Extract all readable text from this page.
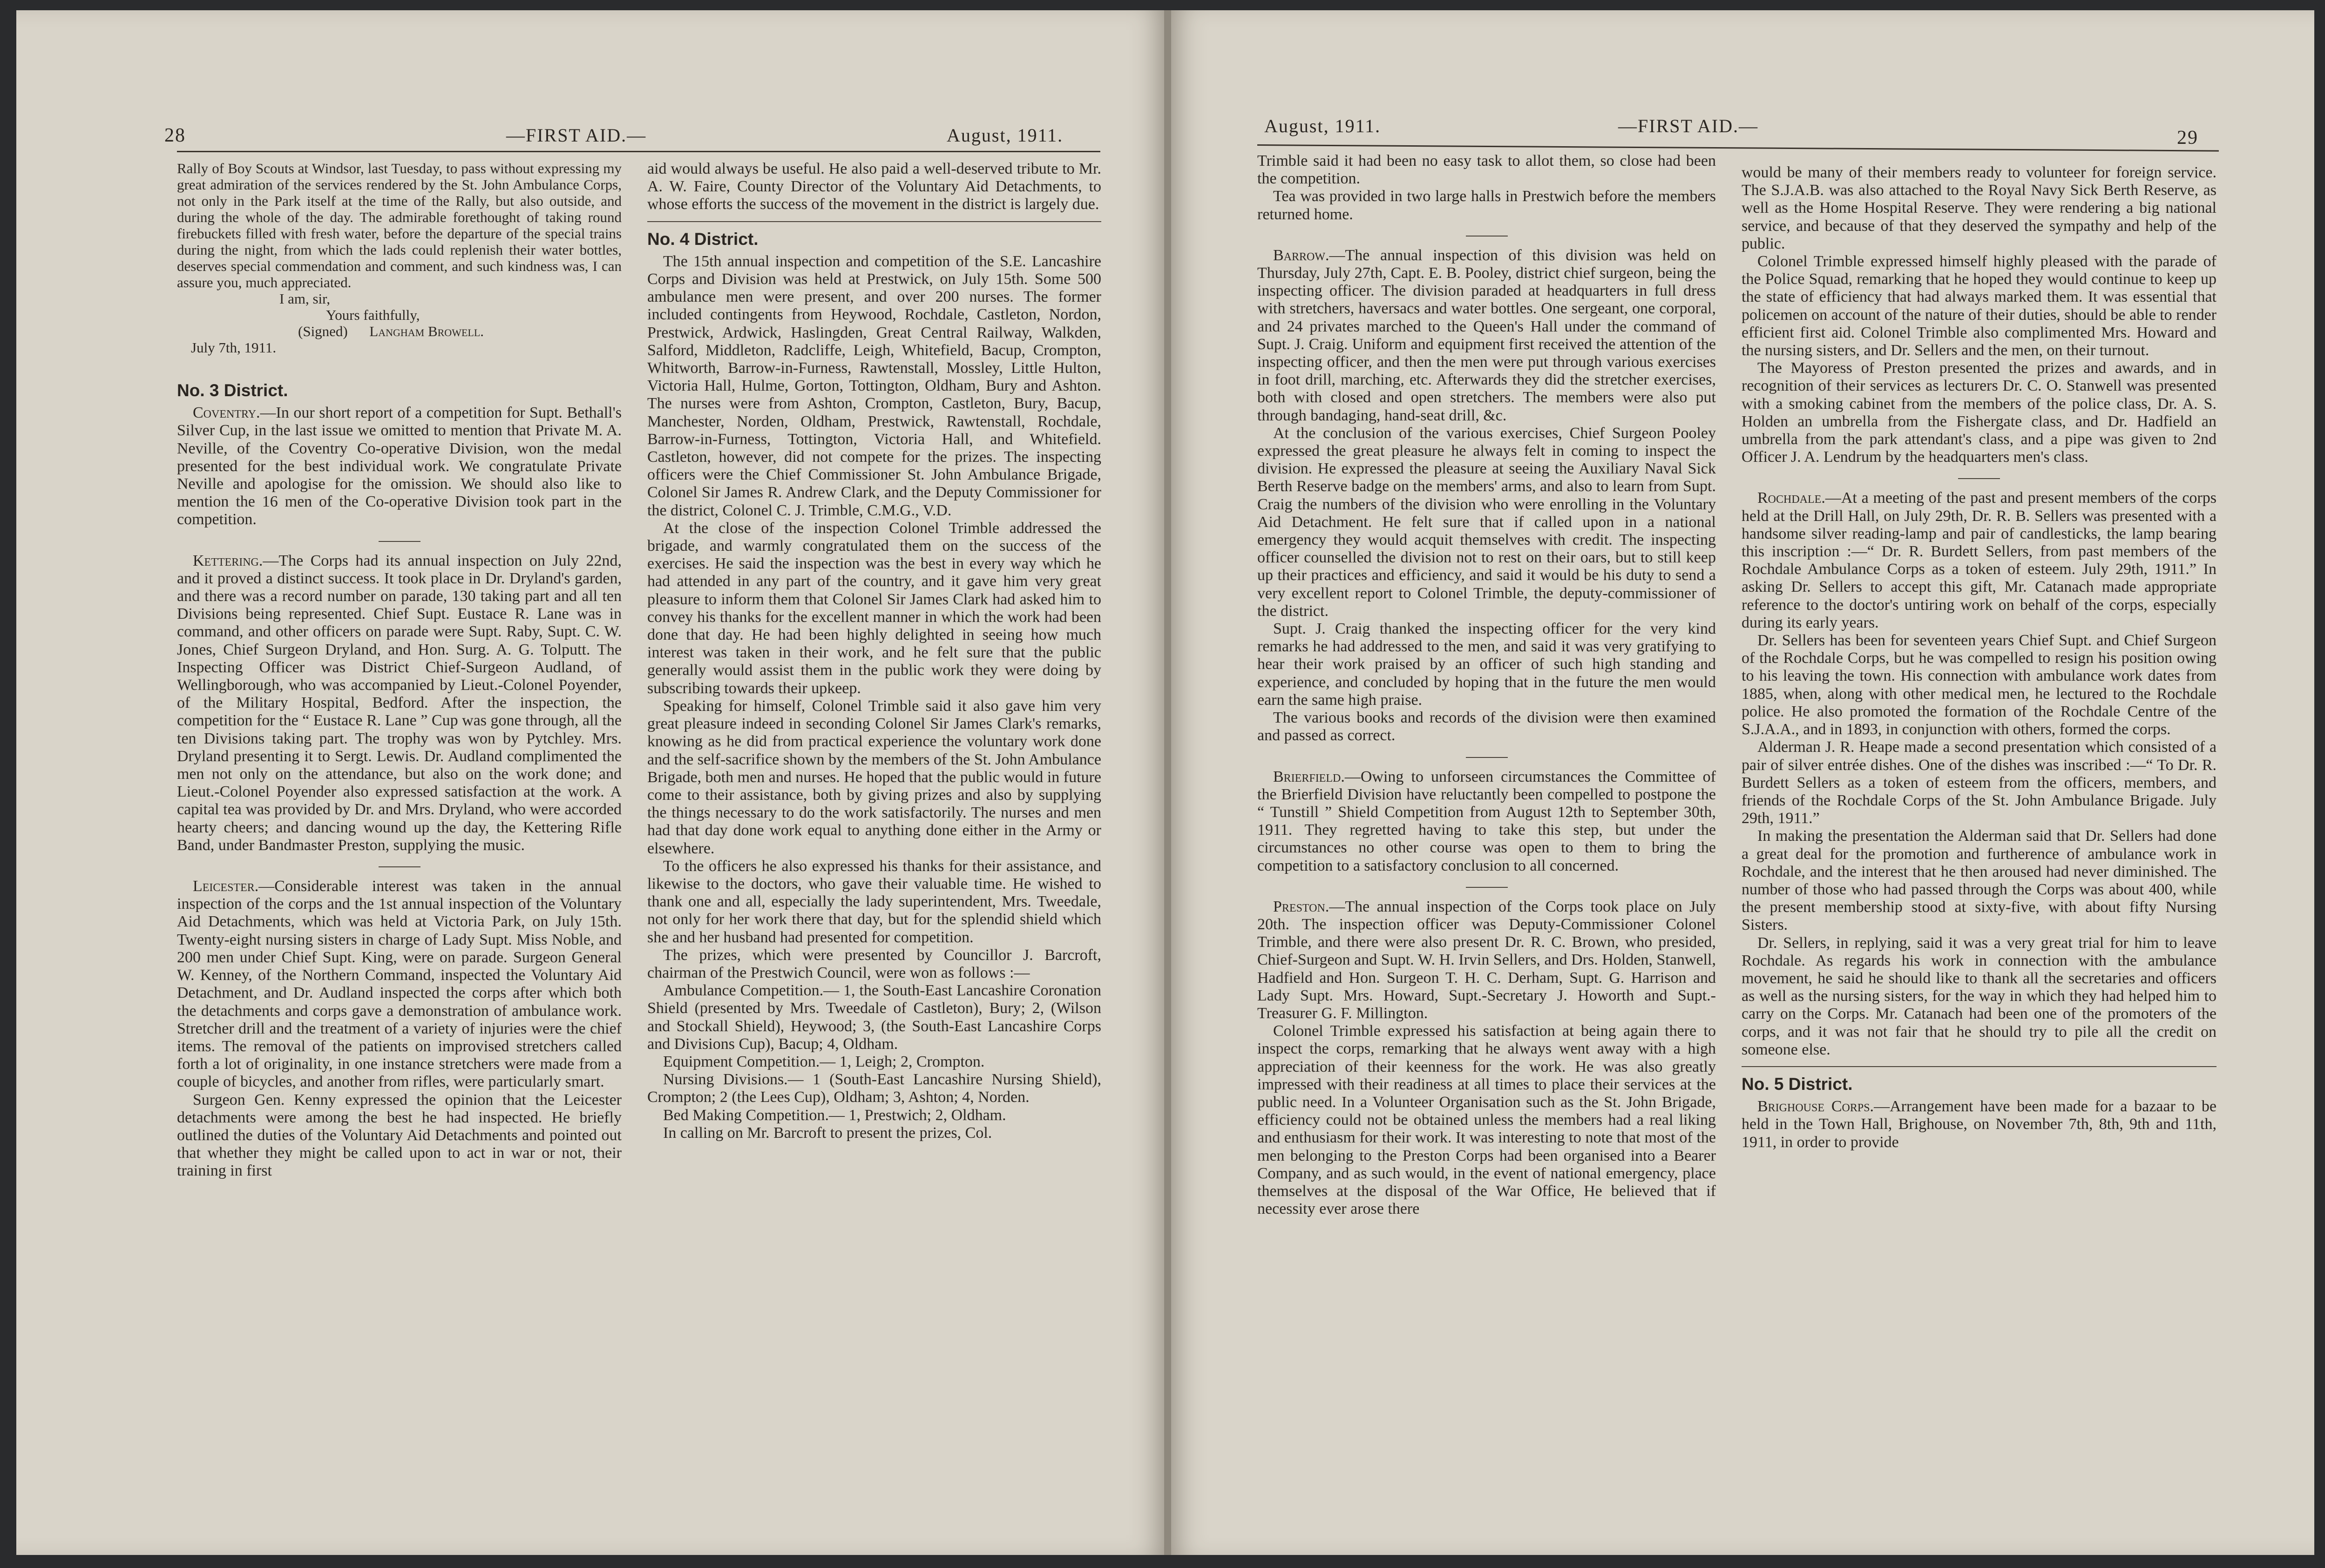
28	—FIRST AID.—	August, 1911.

Rally of Boy Scouts at Windsor, last Tuesday, to pass without expressing my great admiration of the services rendered by the St. John Ambulance Corps, not only in the Park itself at the time of the Rally, but also outside, and during the whole of the day. The admirable forethought of taking round firebuckets filled with fresh water, before the departure of the special trains during the night, from which the lads could replenish their water bottles, deserves special commendation and comment, and such kindness was, I can assure you, much appreciated.

I am, sir,

Yours faithfully,

(Signed) Langham Browell.

July 7th, 1911.

No. 3 District.

Coventry.—In our short report of a competition for Supt. Bethall's Silver Cup, in the last issue we omitted to mention that Private M. A. Neville, of the Coventry Co-operative Division, won the medal presented for the best individual work. We congratulate Private Neville and apologise for the omission. We should also like to mention the 16 men of the Co-operative Division took part in the competition.

Kettering.—The Corps had its annual inspection on July 22nd, and it proved a distinct success. It took place in Dr. Dryland's garden, and there was a record number on parade, 130 taking part and all ten Divisions being represented. Chief Supt. Eustace R. Lane was in command, and other officers on parade were Supt. Raby, Supt. C. W. Jones, Chief Surgeon Dryland, and Hon. Surg. A. G. Tolputt. The Inspecting Officer was District Chief-Surgeon Audland, of Wellingborough, who was accompanied by Lieut.-Colonel Poyender, of the Military Hospital, Bedford. After the inspection, the competition for the “ Eustace R. Lane ” Cup was gone through, all the ten Divisions taking part. The trophy was won by Pytchley. Mrs. Dryland presenting it to Sergt. Lewis. Dr. Audland complimented the men not only on the attendance, but also on the work done; and Lieut.-Colonel Poyender also expressed satisfaction at the work. A capital tea was provided by Dr. and Mrs. Dryland, who were accorded hearty cheers; and dancing wound up the day, the Kettering Rifle Band, under Bandmaster Preston, supplying the music.

Leicester.—Considerable interest was taken in the annual inspection of the corps and the 1st annual inspection of the Voluntary Aid Detachments, which was held at Victoria Park, on July 15th. Twenty-eight nursing sisters in charge of Lady Supt. Miss Noble, and 200 men under Chief Supt. King, were on parade. Surgeon General W. Kenney, of the Northern Command, inspected the Voluntary Aid Detachment, and Dr. Audland inspected the corps after which both the detachments and corps gave a demonstration of ambulance work. Stretcher drill and the treatment of a variety of injuries were the chief items. The removal of the patients on improvised stretchers called forth a lot of originality, in one instance stretchers were made from a couple of bicycles, and another from rifles, were particularly smart.

Surgeon Gen. Kenny expressed the opinion that the Leicester detachments were among the best he had inspected. He briefly outlined the duties of the Voluntary Aid Detachments and pointed out that whether they might be called upon to act in war or not, their training in first

aid would always be useful. He also paid a well-deserved tribute to Mr. A. W. Faire, County Director of the Voluntary Aid Detachments, to whose efforts the success of the movement in the district is largely due.

No. 4 District.

The 15th annual inspection and competition of the S.E. Lancashire Corps and Division was held at Prestwick, on July 15th. Some 500 ambulance men were present, and over 200 nurses. The former included contingents from Heywood, Rochdale, Castleton, Nordon, Prestwick, Ardwick, Haslingden, Great Central Railway, Walkden, Salford, Middleton, Radcliffe, Leigh, Whitefield, Bacup, Crompton, Whitworth, Barrow-in-Furness, Rawtenstall, Mossley, Little Hulton, Victoria Hall, Hulme, Gorton, Tottington, Oldham, Bury and Ashton. The nurses were from Ashton, Crompton, Castleton, Bury, Bacup, Manchester, Norden, Oldham, Prestwick, Rawtenstall, Rochdale, Barrow-in-Furness, Tottington, Victoria Hall, and Whitefield. Castleton, however, did not compete for the prizes. The inspecting officers were the Chief Commissioner St. John Ambulance Brigade, Colonel Sir James R. Andrew Clark, and the Deputy Commissioner for the district, Colonel C. J. Trimble, C.M.G., V.D.

At the close of the inspection Colonel Trimble addressed the brigade, and warmly congratulated them on the success of the exercises. He said the inspection was the best in every way which he had attended in any part of the country, and it gave him very great pleasure to inform them that Colonel Sir James Clark had asked him to convey his thanks for the excellent manner in which the work had been done that day. He had been highly delighted in seeing how much interest was taken in their work, and he felt sure that the public generally would assist them in the public work they were doing by subscribing towards their upkeep.

Speaking for himself, Colonel Trimble said it also gave him very great pleasure indeed in seconding Colonel Sir James Clark's remarks, knowing as he did from practical experience the voluntary work done and the self-sacrifice shown by the members of the St. John Ambulance Brigade, both men and nurses. He hoped that the public would in future come to their assistance, both by giving prizes and also by supplying the things necessary to do the work satisfactorily. The nurses and men had that day done work equal to anything done either in the Army or elsewhere.

To the officers he also expressed his thanks for their assistance, and likewise to the doctors, who gave their valuable time. He wished to thank one and all, especially the lady superintendent, Mrs. Tweedale, not only for her work there that day, but for the splendid shield which she and her husband had presented for competition.

The prizes, which were presented by Councillor J. Barcroft, chairman of the Prestwich Council, were won as follows :—

Ambulance Competition.— 1, the South-East Lancashire Coronation Shield (presented by Mrs. Tweedale of Castleton), Bury; 2, (Wilson and Stockall Shield), Heywood; 3, (the South-East Lancashire Corps and Divisions Cup), Bacup; 4, Oldham.

Equipment Competition.— 1, Leigh; 2, Crompton.

Nursing Divisions.— 1 (South-East Lancashire Nursing Shield), Crompton; 2 (the Lees Cup), Oldham; 3, Ashton; 4, Norden.

Bed Making Competition.— 1, Prestwich; 2, Oldham.

In calling on Mr. Barcroft to present the prizes, Col.

August, 1911.	—FIRST AID.—
29

Trimble said it had been no easy task to allot them, so close had been the competition.

Tea was provided in two large halls in Prestwich before the members returned home.

Barrow.—The annual inspection of this division was held on Thursday, July 27th, Capt. E. B. Pooley, district chief surgeon, being the inspecting officer. The division paraded at headquarters in full dress with stretchers, haversacs and water bottles. One sergeant, one corporal, and 24 privates marched to the Queen's Hall under the command of Supt. J. Craig. Uniform and equipment first received the attention of the inspecting officer, and then the men were put through various exercises in foot drill, marching, etc. Afterwards they did the stretcher exercises, both with closed and open stretchers. The members were also put through bandaging, hand-seat drill, &c.

At the conclusion of the various exercises, Chief Surgeon Pooley expressed the great pleasure he always felt in coming to inspect the division. He expressed the pleasure at seeing the Auxiliary Naval Sick Berth Reserve badge on the members' arms, and also to learn from Supt. Craig the numbers of the division who were enrolling in the Voluntary Aid Detachment. He felt sure that if called upon in a national emergency they would acquit themselves with credit. The inspecting officer counselled the division not to rest on their oars, but to still keep up their practices and efficiency, and said it would be his duty to send a very excellent report to Colonel Trimble, the deputy-commissioner of the district.

Supt. J. Craig thanked the inspecting officer for the very kind remarks he had addressed to the men, and said it was very gratifying to hear their work praised by an officer of such high standing and experience, and concluded by hoping that in the future the men would earn the same high praise.

The various books and records of the division were then examined and passed as correct.

Brierfield.—Owing to unforseen circumstances the Committee of the Brierfield Division have reluctantly been compelled to postpone the “ Tunstill ” Shield Competition from August 12th to September 30th, 1911. They regretted having to take this step, but under the circumstances no other course was open to them to bring the competition to a satisfactory conclusion to all concerned.

Preston.—The annual inspection of the Corps took place on July 20th. The inspection officer was Deputy-Commissioner Colonel Trimble, and there were also present Dr. R. C. Brown, who presided, Chief-Surgeon and Supt. W. H. Irvin Sellers, and Drs. Holden, Stanwell, Hadfield and Hon. Surgeon T. H. C. Derham, Supt. G. Harrison and Lady Supt. Mrs. Howard, Supt.-Secretary J. Howorth and Supt.-Treasurer G. F. Millington.

Colonel Trimble expressed his satisfaction at being again there to inspect the corps, remarking that he always went away with a high appreciation of their keenness for the work. He was also greatly impressed with their readiness at all times to place their services at the public need. In a Volunteer Organisation such as the St. John Brigade, efficiency could not be obtained unless the members had a real liking and enthusiasm for their work. It was interesting to note that most of the men belonging to the Preston Corps had been organised into a Bearer Company, and as such would, in the event of national emergency, place themselves at the disposal of the War Office, He believed that if necessity ever arose there

would be many of their members ready to volunteer for foreign service. The S.J.A.B. was also attached to the Royal Navy Sick Berth Reserve, as well as the Home Hospital Reserve. They were rendering a big national service, and because of that they deserved the sympathy and help of the public.

Colonel Trimble expressed himself highly pleased with the parade of the Police Squad, remarking that he hoped they would continue to keep up the state of efficiency that had always marked them. It was essential that policemen on account of the nature of their duties, should be able to render efficient first aid. Colonel Trimble also complimented Mrs. Howard and the nursing sisters, and Dr. Sellers and the men, on their turnout.

The Mayoress of Preston presented the prizes and awards, and in recognition of their services as lecturers Dr. C. O. Stanwell was presented with a smoking cabinet from the members of the police class, Dr. A. S. Holden an umbrella from the Fishergate class, and Dr. Hadfield an umbrella from the park attendant's class, and a pipe was given to 2nd Officer J. A. Lendrum by the headquarters men's class.

Rochdale.—At a meeting of the past and present members of the corps held at the Drill Hall, on July 29th, Dr. R. B. Sellers was presented with a handsome silver reading-lamp and pair of candlesticks, the lamp bearing this inscription :—“ Dr. R. Burdett Sellers, from past members of the Rochdale Ambulance Corps as a token of esteem. July 29th, 1911.” In asking Dr. Sellers to accept this gift, Mr. Catanach made appropriate reference to the doctor's untiring work on behalf of the corps, especially during its early years.

Dr. Sellers has been for seventeen years Chief Supt. and Chief Surgeon of the Rochdale Corps, but he was compelled to resign his position owing to his leaving the town. His connection with ambulance work dates from 1885, when, along with other medical men, he lectured to the Rochdale police. He also promoted the formation of the Rochdale Centre of the S.J.A.A., and in 1893, in conjunction with others, formed the corps.

Alderman J. R. Heape made a second presentation which consisted of a pair of silver entrée dishes. One of the dishes was inscribed :—“ To Dr. R. Burdett Sellers as a token of esteem from the officers, members, and friends of the Rochdale Corps of the St. John Ambulance Brigade. July 29th, 1911.”

In making the presentation the Alderman said that Dr. Sellers had done a great deal for the promotion and furtherence of ambulance work in Rochdale, and the interest that he then aroused had never diminished. The number of those who had passed through the Corps was about 400, while the present membership stood at sixty-five, with about fifty Nursing Sisters.

Dr. Sellers, in replying, said it was a very great trial for him to leave Rochdale. As regards his work in connection with the ambulance movement, he said he should like to thank all the secretaries and officers as well as the nursing sisters, for the way in which they had helped him to carry on the Corps. Mr. Catanach had been one of the promoters of the corps, and it was not fair that he should try to pile all the credit on someone else.

No. 5 District.

Brighouse Corps.—Arrangement have been made for a bazaar to be held in the Town Hall, Brighouse, on November 7th, 8th, 9th and 11th, 1911, in order to provide
